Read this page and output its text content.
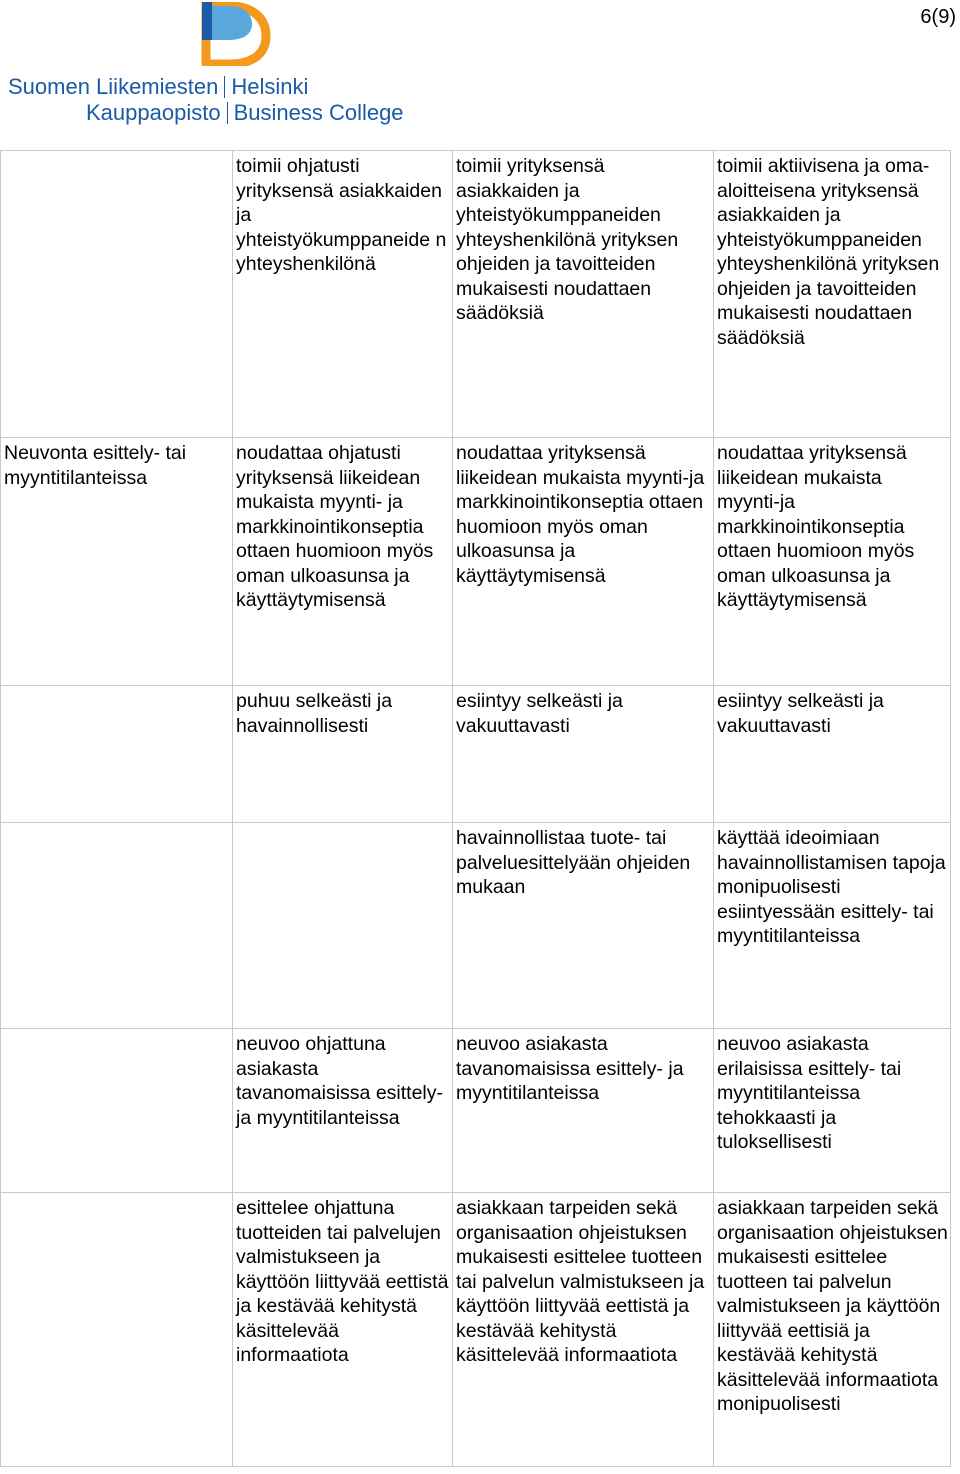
6(9)
Suomen Liikemiesten Helsinki
Kauppaopisto Business College

	toimii ohjatusti yrityksensä asiakkaiden ja yhteistyökumppaneide n yhteyshenkilönä	toimii yrityksensä asiakkaiden ja yhteistyökumppaneiden yhteyshenkilönä yrityksen ohjeiden ja tavoitteiden mukaisesti noudattaen säädöksiä	toimii aktiivisena ja oma-aloitteisena yrityksensä asiakkaiden ja yhteistyökumppaneiden yhteyshenkilönä yrityksen ohjeiden ja tavoitteiden mukaisesti noudattaen säädöksiä

Neuvonta esittely- tai myyntitilanteissa	noudattaa ohjatusti yrityksensä liikeidean mukaista myynti- ja markkinointikonseptia ottaen huomioon myös oman ulkoasunsa ja käyttäytymisensä	noudattaa yrityksensä liikeidean mukaista myynti-ja markkinointikonseptia ottaen huomioon myös oman ulkoasunsa ja käyttäytymisensä	noudattaa yrityksensä liikeidean mukaista myynti-ja markkinointikonseptia ottaen huomioon myös oman ulkoasunsa ja käyttäytymisensä

	puhuu selkeästi ja havainnollisesti	esiintyy selkeästi ja vakuuttavasti	esiintyy selkeästi ja vakuuttavasti

		havainnollistaa tuote- tai palveluesittelyään ohjeiden mukaan	käyttää ideoimiaan havainnollistamisen tapoja monipuolisesti esiintyessään esittely- tai myyntitilanteissa

	neuvoo ohjattuna asiakasta tavanomaisissa esittely- ja myyntitilanteissa	neuvoo asiakasta tavanomaisissa esittely- ja myyntitilanteissa	neuvoo asiakasta erilaisissa esittely- tai myyntitilanteissa tehokkaasti ja tuloksellisesti

	esittelee ohjattuna tuotteiden tai palvelujen valmistukseen ja käyttöön liittyvää eettistä ja kestävää kehitystä käsittelevää informaatiota	asiakkaan tarpeiden sekä organisaation ohjeistuksen mukaisesti esittelee tuotteen tai palvelun valmistukseen ja käyttöön liittyvää eettistä ja kestävää kehitystä käsittelevää informaatiota	asiakkaan tarpeiden sekä organisaation ohjeistuksen mukaisesti esittelee tuotteen tai palvelun valmistukseen ja käyttöön liittyvää eettisiä ja kestävää kehitystä käsittelevää informaatiota monipuolisesti
